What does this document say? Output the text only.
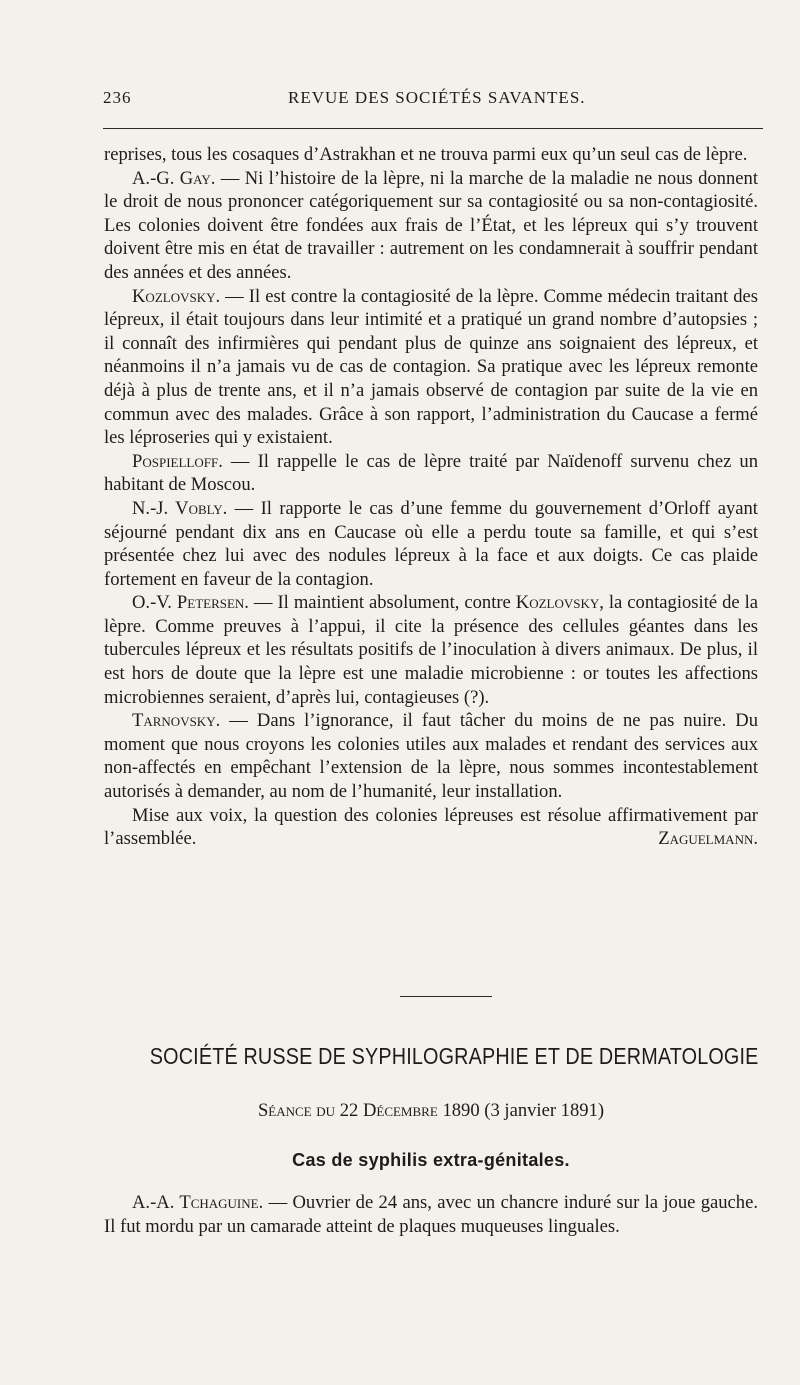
236	REVUE DES SOCIÉTÉS SAVANTES.

reprises, tous les cosaques d’Astrakhan et ne trouva parmi eux qu’un seul cas de lèpre.

A.-G. Gay. — Ni l’histoire de la lèpre, ni la marche de la maladie ne nous donnent le droit de nous prononcer catégoriquement sur sa contagiosité ou sa non-contagiosité. Les colonies doivent être fondées aux frais de l’État, et les lépreux qui s’y trouvent doivent être mis en état de travailler : autrement on les condamnerait à souffrir pendant des années et des années.

Kozlovsky. — Il est contre la contagiosité de la lèpre. Comme médecin traitant des lépreux, il était toujours dans leur intimité et a pratiqué un grand nombre d’autopsies ; il connaît des infirmières qui pendant plus de quinze ans soignaient des lépreux, et néanmoins il n’a jamais vu de cas de contagion. Sa pratique avec les lépreux remonte déjà à plus de trente ans, et il n’a jamais observé de contagion par suite de la vie en commun avec des malades. Grâce à son rapport, l’administration du Caucase a fermé les léproseries qui y existaient.

Pospielloff. — Il rappelle le cas de lèpre traité par Naïdenoff survenu chez un habitant de Moscou.

N.-J. Vobly. — Il rapporte le cas d’une femme du gouvernement d’Orloff ayant séjourné pendant dix ans en Caucase où elle a perdu toute sa famille, et qui s’est présentée chez lui avec des nodules lépreux à la face et aux doigts. Ce cas plaide fortement en faveur de la contagion.

O.-V. Petersen. — Il maintient absolument, contre Kozlovsky, la contagiosité de la lèpre. Comme preuves à l’appui, il cite la présence des cellules géantes dans les tubercules lépreux et les résultats positifs de l’inoculation à divers animaux. De plus, il est hors de doute que la lèpre est une maladie microbienne : or toutes les affections microbiennes seraient, d’après lui, contagieuses (?).

Tarnovsky. — Dans l’ignorance, il faut tâcher du moins de ne pas nuire. Du moment que nous croyons les colonies utiles aux malades et rendant des services aux non-affectés en empêchant l’extension de la lèpre, nous sommes incontestablement autorisés à demander, au nom de l’humanité, leur installation.

Mise aux voix, la question des colonies lépreuses est résolue affirmativement par l’assemblée.	Zaguelmann.

SOCIÉTÉ RUSSE DE SYPHILOGRAPHIE ET DE DERMATOLOGIE
Séance du 22 Décembre 1890 (3 janvier 1891)
Cas de syphilis extra-génitales.

A.-A. Tchaguine. — Ouvrier de 24 ans, avec un chancre induré sur la joue gauche. Il fut mordu par un camarade atteint de plaques muqueuses linguales.
